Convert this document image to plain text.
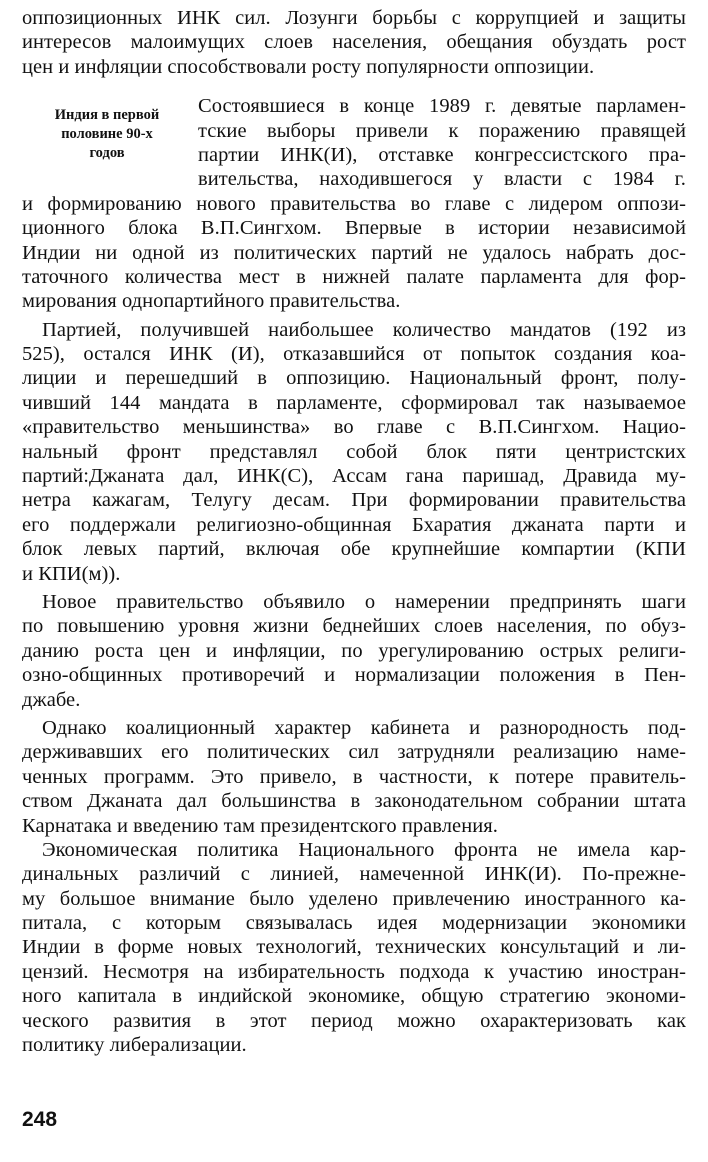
оппозиционных ИНК сил. Лозунги борьбы с коррупцией и защиты
интересов малоимущих слоев населения, обещания обуздать рост
цен и инфляции способствовали росту популярности оппозиции.
Индия в первой
половине 90-х
годов
Состоявшиеся в конце 1989 г. девятые парламен-
тские выборы привели к поражению правящей
партии ИНК(И), отставке конгрессистского пра-
вительства, находившегося у власти с 1984 г.
и формированию нового правительства во главе с лидером оппози-
ционного блока В.П.Сингхом. Впервые в истории независимой
Индии ни одной из политических партий не удалось набрать дос-
таточного количества мест в нижней палате парламента для фор-
мирования однопартийного правительства.
Партией, получившей наибольшее количество мандатов (192 из
525), остался ИНК (И), отказавшийся от попыток создания коа-
лиции и перешедший в оппозицию. Национальный фронт, полу-
чивший 144 мандата в парламенте, сформировал так называемое
«правительство меньшинства» во главе с В.П.Сингхом. Нацио-
нальный фронт представлял собой блок пяти центристских
партий:Джаната дал, ИНК(С), Ассам гана паришад, Дравида му-
нетра кажагам, Телугу десам. При формировании правительства
его поддержали религиозно-общинная Бхаратия джаната парти и
блок левых партий, включая обе крупнейшие компартии (КПИ
и КПИ(м)).
Новое правительство объявило о намерении предпринять шаги
по повышению уровня жизни беднейших слоев населения, по обуз-
данию роста цен и инфляции, по урегулированию острых религи-
озно-общинных противоречий и нормализации положения в Пен-
джабе.
Однако коалиционный характер кабинета и разнородность под-
держивавших его политических сил затрудняли реализацию наме-
ченных программ. Это привело, в частности, к потере правитель-
ством Джаната дал большинства в законодательном собрании штата
Карнатака и введению там президентского правления.
Экономическая политика Национального фронта не имела кар-
динальных различий с линией, намеченной ИНК(И). По-прежне-
му большое внимание было уделено привлечению иностранного ка-
питала, с которым связывалась идея модернизации экономики
Индии в форме новых технологий, технических консультаций и ли-
цензий. Несмотря на избирательность подхода к участию иностран-
ного капитала в индийской экономике, общую стратегию экономи-
ческого развития в этот период можно охарактеризовать как
политику либерализации.
248
